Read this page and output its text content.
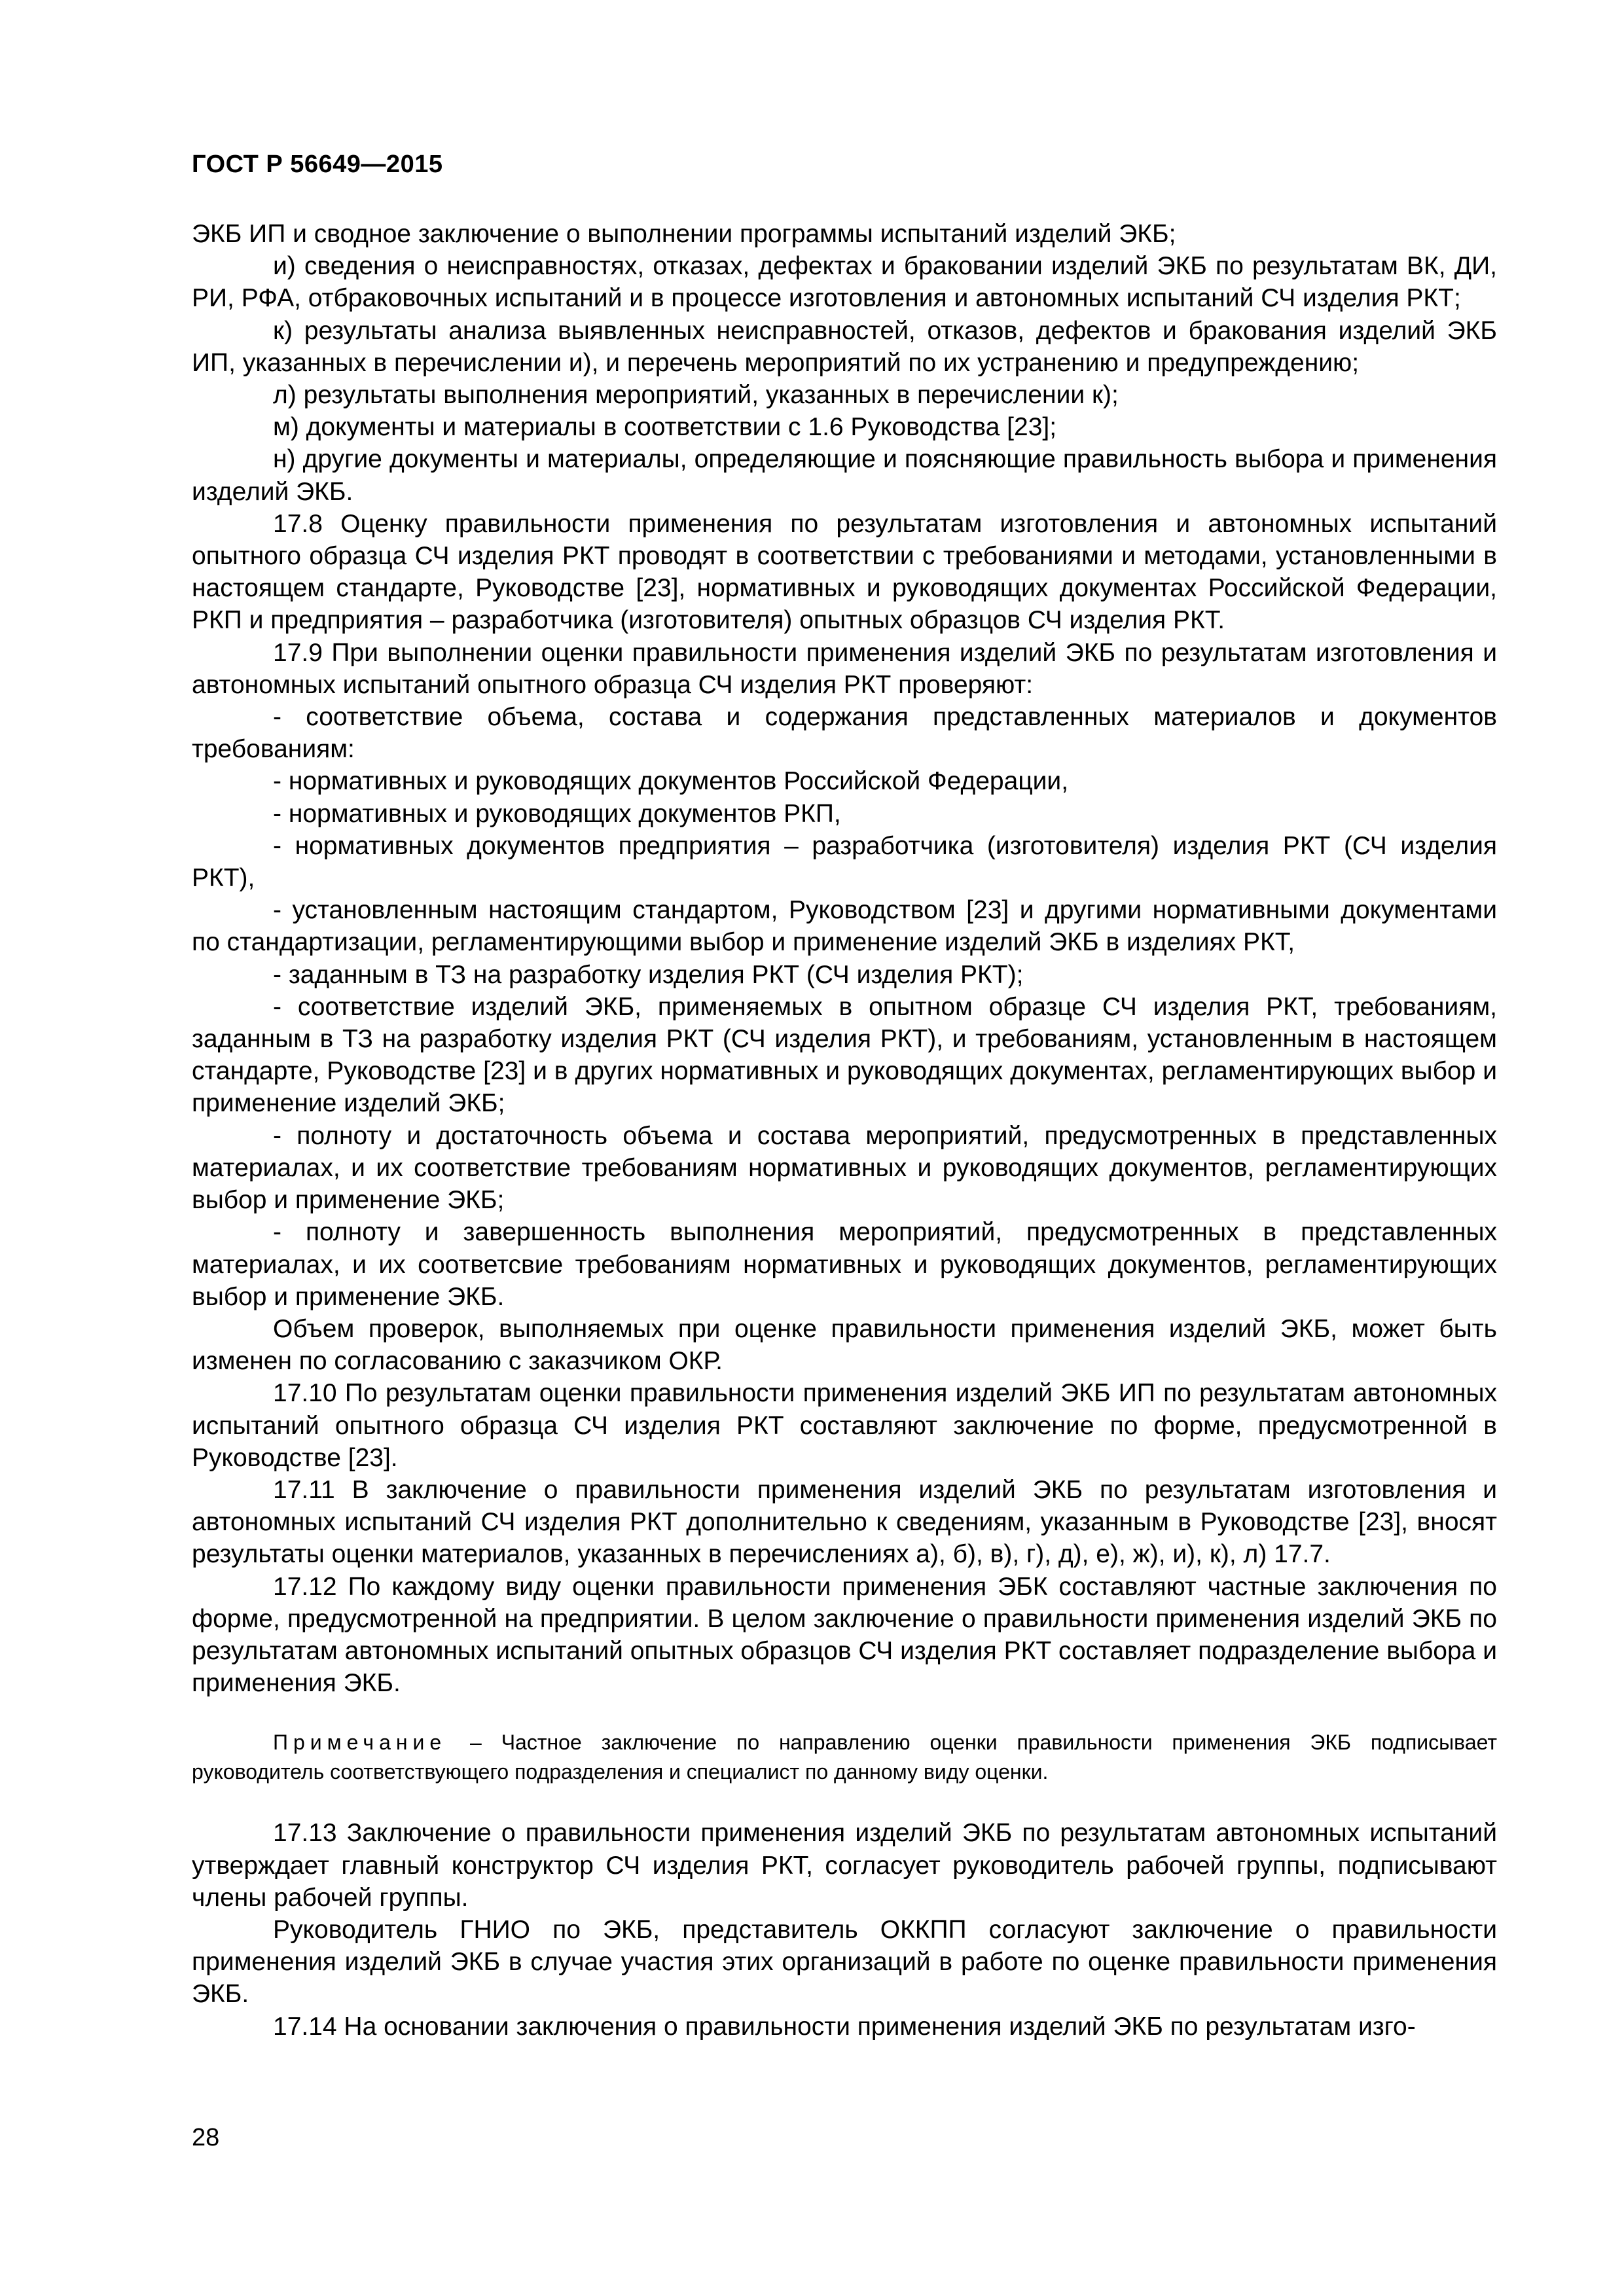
ГОСТ Р 56649—2015

ЭКБ ИП и сводное заключение о выполнении программы испытаний изделий ЭКБ;

и) сведения о неисправностях, отказах, дефектах и браковании изделий ЭКБ по результатам ВК, ДИ, РИ, РФА, отбраковочных испытаний и в процессе изготовления и автономных испытаний СЧ изделия РКТ;

к) результаты анализа выявленных неисправностей, отказов, дефектов и бракования изделий ЭКБ ИП, указанных в перечислении и), и перечень мероприятий по их устранению и предупреждению;

л) результаты выполнения мероприятий, указанных в перечислении к);

м) документы и материалы в соответствии с 1.6 Руководства [23];

н) другие документы и материалы, определяющие и поясняющие правильность выбора и применения изделий ЭКБ.

17.8 Оценку правильности применения по результатам изготовления и автономных испытаний опытного образца СЧ изделия РКТ проводят в соответствии с требованиями и методами, установленными в настоящем стандарте, Руководстве [23], нормативных и руководящих документах Российской Федерации, РКП и предприятия – разработчика (изготовителя) опытных образцов СЧ изделия РКТ.

17.9 При выполнении оценки правильности применения изделий ЭКБ по результатам изготовления и автономных испытаний опытного образца СЧ изделия РКТ проверяют:

- соответствие объема, состава и содержания представленных материалов и документов требованиям:

- нормативных и руководящих документов Российской Федерации,

- нормативных и руководящих документов РКП,

- нормативных документов предприятия – разработчика (изготовителя) изделия РКТ (СЧ изделия РКТ),

- установленным настоящим стандартом, Руководством [23] и другими нормативными документами по стандартизации, регламентирующими выбор и применение изделий ЭКБ в изделиях РКТ,

- заданным в ТЗ на разработку изделия РКТ (СЧ изделия РКТ);

- соответствие изделий ЭКБ, применяемых в опытном образце СЧ изделия РКТ, требованиям, заданным в ТЗ на разработку изделия РКТ (СЧ изделия РКТ), и требованиям, установленным в настоящем стандарте, Руководстве [23] и в других нормативных и руководящих документах, регламентирующих выбор и применение изделий ЭКБ;

- полноту и достаточность объема и состава мероприятий, предусмотренных в представленных материалах, и их соответствие требованиям нормативных и руководящих документов, регламентирующих выбор и применение ЭКБ;

- полноту и завершенность выполнения мероприятий, предусмотренных в представленных материалах, и их соответсвие требованиям нормативных и руководящих документов, регламентирующих выбор и применение ЭКБ.

Объем проверок, выполняемых при оценке правильности применения изделий ЭКБ, может быть изменен по согласованию с заказчиком ОКР.

17.10 По результатам оценки правильности применения изделий ЭКБ ИП по результатам автономных испытаний опытного образца СЧ изделия РКТ составляют заключение по форме, предусмотренной в Руководстве [23].

17.11 В заключение о правильности применения изделий ЭКБ по результатам изготовления и автономных испытаний СЧ изделия РКТ дополнительно к сведениям, указанным в Руководстве [23], вносят результаты оценки материалов, указанных в перечислениях а), б), в), г), д), е), ж), и), к), л) 17.7.

17.12 По каждому виду оценки правильности применения ЭБК составляют частные заключения по форме, предусмотренной на предприятии. В целом заключение о правильности применения изделий ЭКБ по результатам автономных испытаний опытных образцов СЧ изделия РКТ составляет подразделение выбора и применения ЭКБ.

Примечание – Частное заключение по направлению оценки правильности применения ЭКБ подписывает руководитель соответствующего подразделения и специалист по данному виду оценки.

17.13 Заключение о правильности применения изделий ЭКБ по результатам автономных испытаний утверждает главный конструктор СЧ изделия РКТ, согласует руководитель рабочей группы, подписывают члены рабочей группы.

Руководитель ГНИО по ЭКБ, представитель ОККПП согласуют заключение о правильности применения изделий ЭКБ в случае участия этих организаций в работе по оценке правильности применения ЭКБ.

17.14 На основании заключения о правильности применения изделий ЭКБ по результатам изго-

28
